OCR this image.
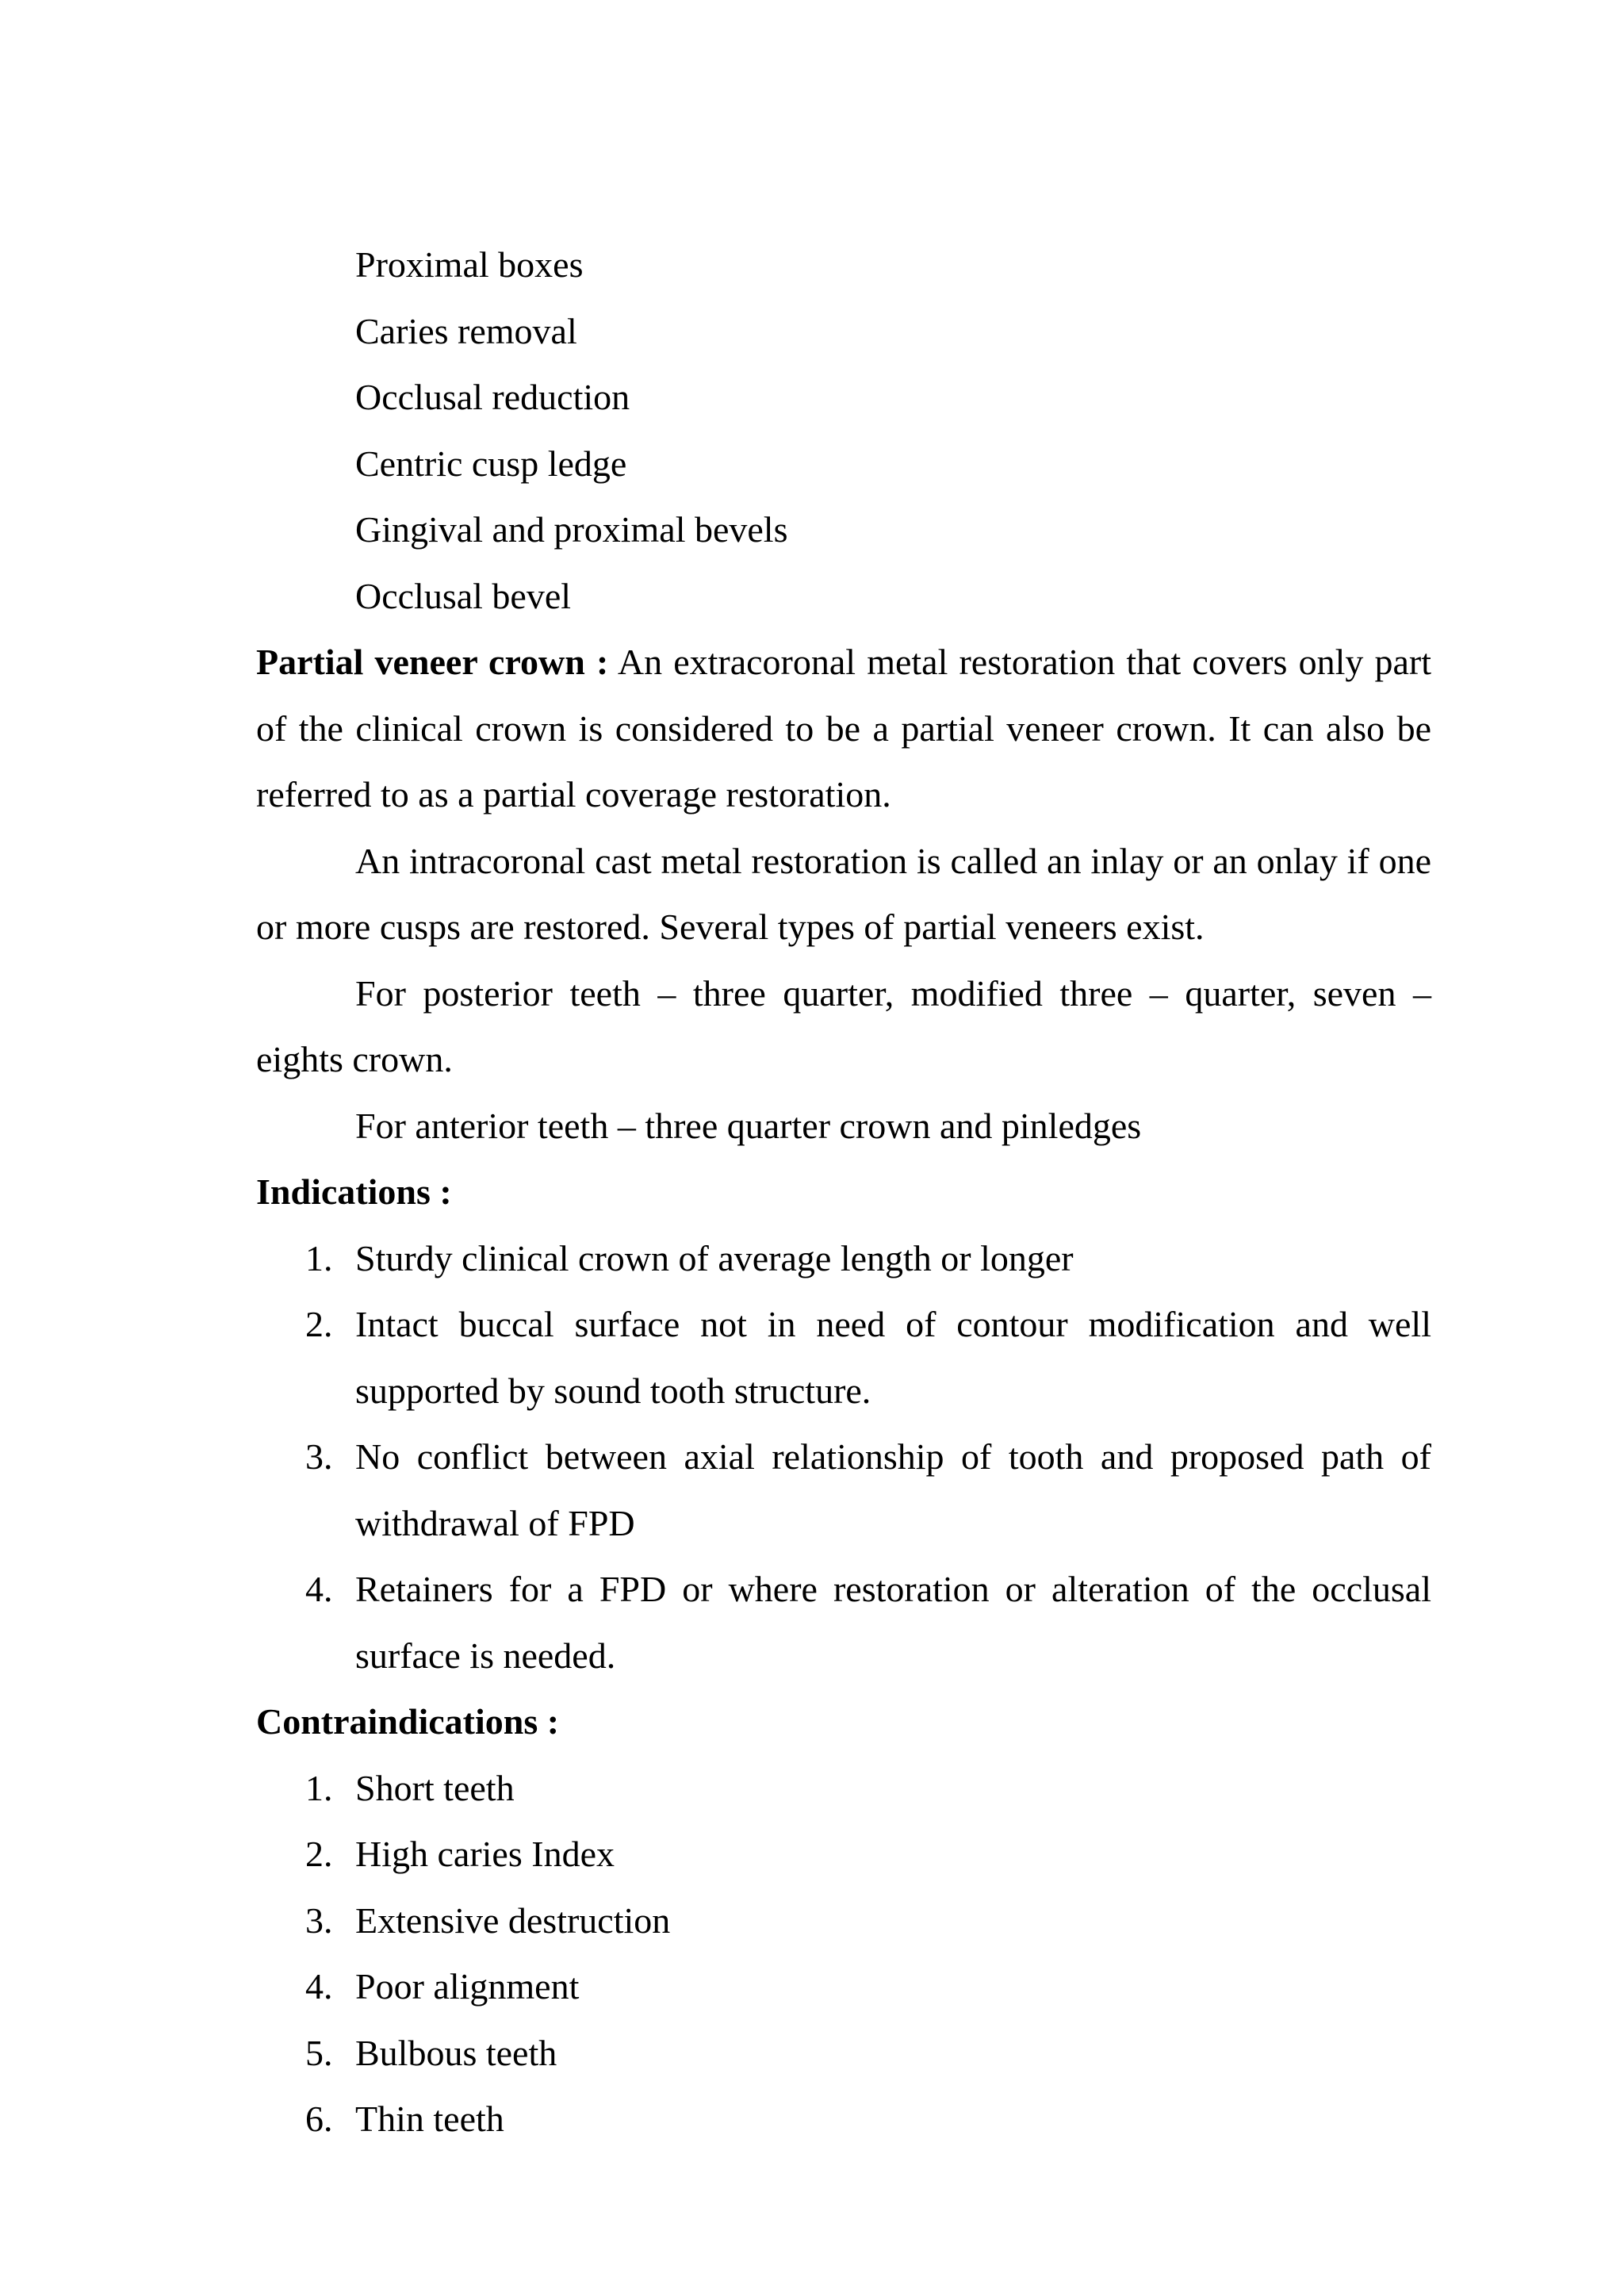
Proximal boxes
Caries removal
Occlusal reduction
Centric cusp ledge
Gingival and proximal bevels
Occlusal bevel

Partial veneer crown : An extracoronal metal restoration that covers only part of the clinical crown is considered to be a partial veneer crown. It can also be referred to as a partial coverage restoration.

An intracoronal cast metal restoration is called an inlay or an onlay if one or more cusps are restored. Several types of partial veneers exist.

For posterior teeth – three quarter, modified three – quarter, seven – eights crown.

For anterior teeth – three quarter crown and pinledges

Indications :
1. Sturdy clinical crown of average length or longer
2. Intact buccal surface not in need of contour modification and well supported by sound tooth structure.
3. No conflict between axial relationship of tooth and proposed path of withdrawal of FPD
4. Retainers for a FPD or where restoration or alteration of the occlusal surface is needed.
Contraindications :
1. Short teeth
2. High caries Index
3. Extensive destruction
4. Poor alignment
5. Bulbous teeth
6. Thin teeth
